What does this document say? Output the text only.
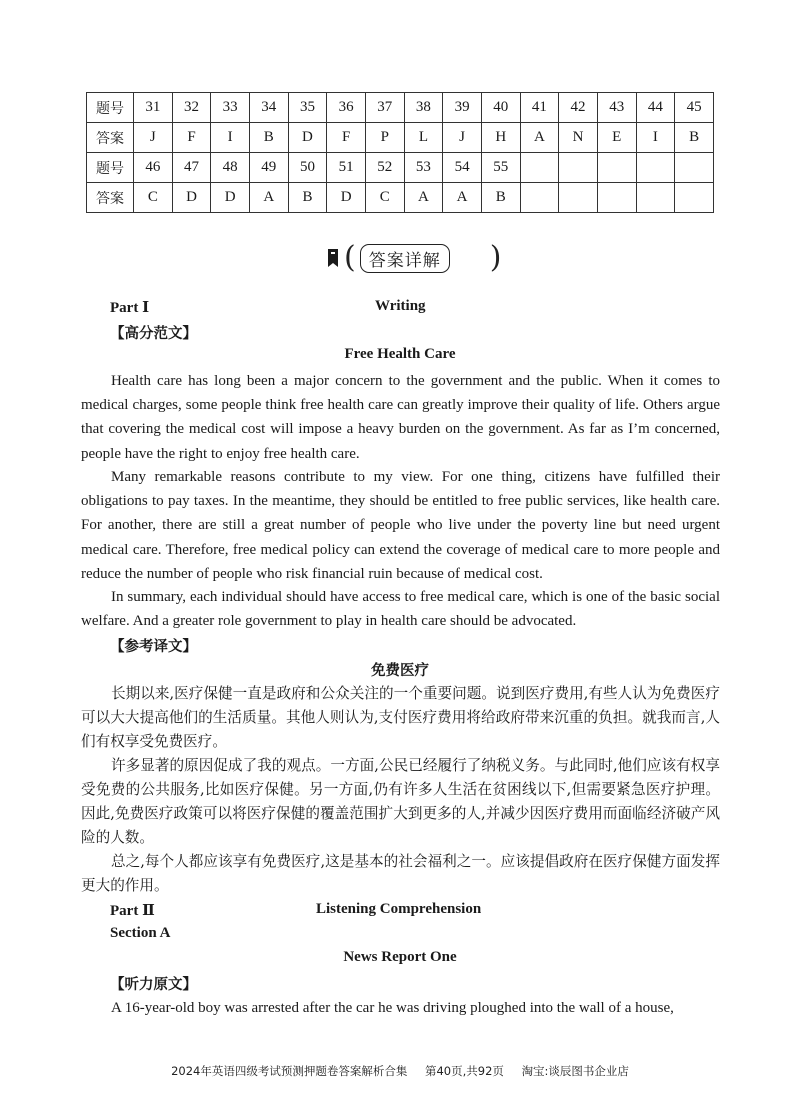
题号	31	32	33	34	35	36	37	38	39	40	41	42	43	44	45
答案	J	F	I	B	D	F	P	L	J	H	A	N	E	I	B
题号	46	47	48	49	50	51	52	53	54	55					
答案	C	D	D	A	B	D	C	A	A	B					
( 答案详解	)
Part Ⅰ	Writing
【高分范文】
Free Health Care
Health care has long been a major concern to the government and the public. When it comes to medical charges, some people think free health care can greatly improve their quality of life. Others argue that covering the medical cost will impose a heavy burden on the government. As far as I’m concerned, people have the right to enjoy free health care.
Many remarkable reasons contribute to my view. For one thing, citizens have fulfilled their obligations to pay taxes. In the meantime, they should be entitled to free public services, like health care. For another, there are still a great number of people who live under the poverty line but need urgent medical care. Therefore, free medical policy can extend the coverage of medical care to more people and reduce the number of people who risk financial ruin because of medical cost.
In summary, each individual should have access to free medical care, which is one of the basic social welfare. And a greater role government to play in health care should be advocated.
【参考译文】
免费医疗
长期以来,医疗保健一直是政府和公众关注的一个重要问题。说到医疗费用,有些人认为免费医疗可以大大提高他们的生活质量。其他人则认为,支付医疗费用将给政府带来沉重的负担。就我而言,人们有权享受免费医疗。
许多显著的原因促成了我的观点。一方面,公民已经履行了纳税义务。与此同时,他们应该有权享受免费的公共服务,比如医疗保健。另一方面,仍有许多人生活在贫困线以下,但需要紧急医疗护理。因此,免费医疗政策可以将医疗保健的覆盖范围扩大到更多的人,并减少因医疗费用而面临经济破产风险的人数。
总之,每个人都应该享有免费医疗,这是基本的社会福利之一。应该提倡政府在医疗保健方面发挥更大的作用。
Part Ⅱ	Listening Comprehension
Section A
News Report One
【听力原文】
A 16-year-old boy was arrested after the car he was driving ploughed into the wall of a house,
2024年英语四级考试预测押题卷答案解析合集 第40页,共92页 淘宝:谈辰图书企业店
